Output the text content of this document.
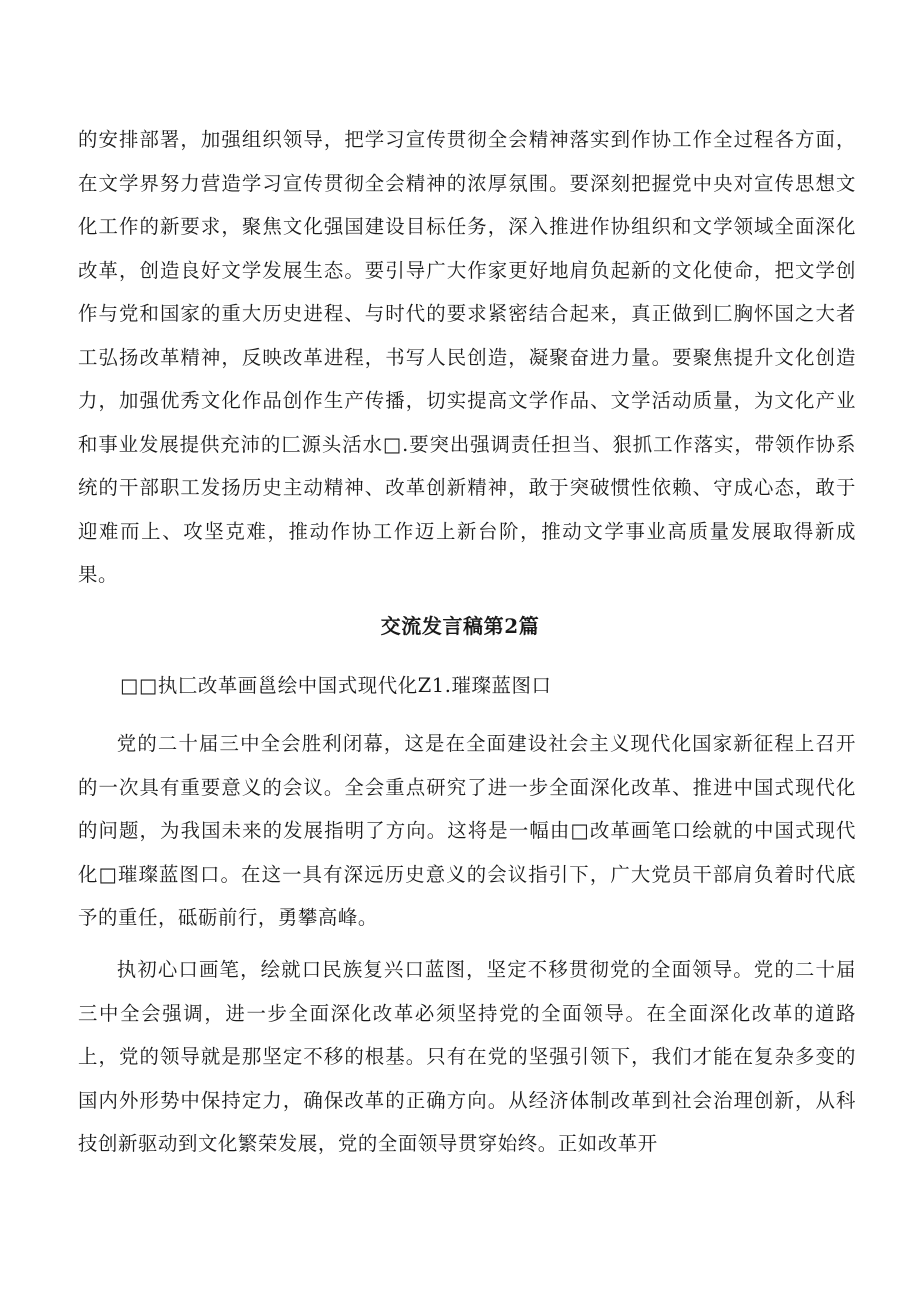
的安排部署，加强组织领导，把学习宣传贯彻全会精神落实到作协工作全过程各方面，在文学界努力营造学习宣传贯彻全会精神的浓厚氛围。要深刻把握党中央对宣传思想文化工作的新要求，聚焦文化强国建设目标任务，深入推进作协组织和文学领域全面深化改革，创造良好文学发展生态。要引导广大作家更好地肩负起新的文化使命，把文学创作与党和国家的重大历史进程、与时代的要求紧密结合起来，真正做到匚胸怀国之大者工弘扬改革精神，反映改革进程，书写人民创造，凝聚奋进力量。要聚焦提升文化创造力，加强优秀文化作品创作生产传播，切实提高文学作品、文学活动质量，为文化产业和事业发展提供充沛的匚源头活水□.要突出强调责任担当、狠抓工作落实，带领作协系统的干部职工发扬历史主动精神、改革创新精神，敢于突破惯性依赖、守成心态，敢于迎难而上、攻坚克难，推动作协工作迈上新台阶，推动文学事业高质量发展取得新成果。

交流发言稿第2篇

□□执匚改革画邕绘中国式现代化Z1.璀璨蓝图口

党的二十届三中全会胜利闭幕，这是在全面建设社会主义现代化国家新征程上召开的一次具有重要意义的会议。全会重点研究了进一步全面深化改革、推进中国式现代化的问题，为我国未来的发展指明了方向。这将是一幅由□改革画笔口绘就的中国式现代化□璀璨蓝图口。在这一具有深远历史意义的会议指引下，广大党员干部肩负着时代底予的重任，砥砺前行，勇攀高峰。

执初心口画笔，绘就口民族复兴口蓝图，坚定不移贯彻党的全面领导。党的二十届三中全会强调，进一步全面深化改革必须坚持党的全面领导。在全面深化改革的道路上，党的领导就是那坚定不移的根基。只有在党的坚强引领下，我们才能在复杂多变的国内外形势中保持定力，确保改革的正确方向。从经济体制改革到社会治理创新，从科技创新驱动到文化繁荣发展，党的全面领导贯穿始终。正如改革开
